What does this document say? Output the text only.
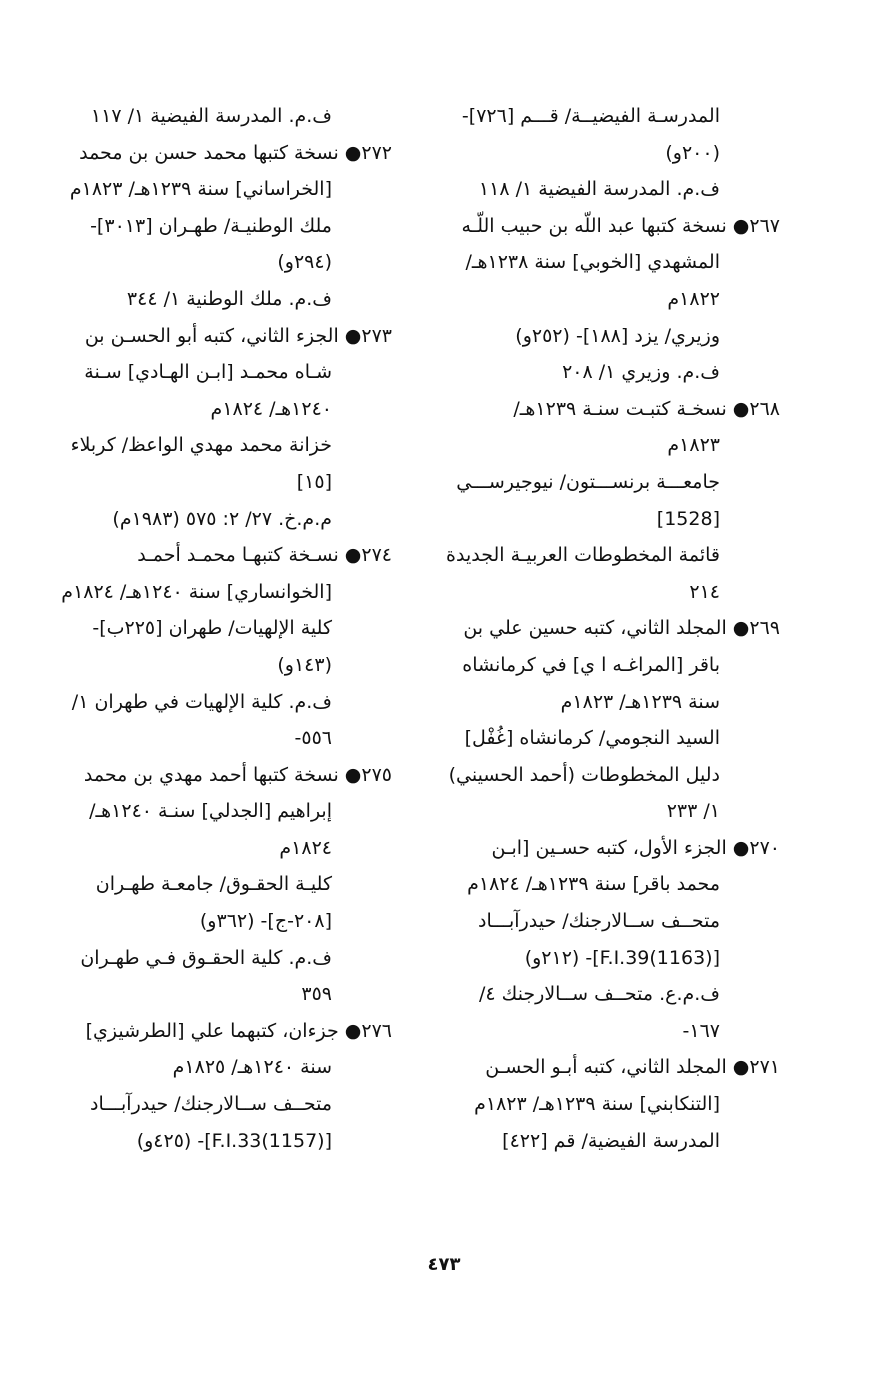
المدرسـة الفيضيــة/ قـــم [٧٢٦]-
(٢٠٠و)
ف.م. المدرسة الفيضية ١/ ١١٨
٢٦٧● نسخة كتبها عبد اللّه بن حبيب اللّـه
المشهدي [الخوبي] سنة ١٢٣٨هـ/
١٨٢٢م
وزيري/ يزد [١٨٨]- (٢٥٢و)
ف.م. وزيري ١/ ٢٠٨
٢٦٨● نسخـة كتبـت سنـة ١٢٣٩هـ/
١٨٢٣م
جامعـــة برنســـتون/ نيوجيرســـي
[1528]
قائمة المخطوطات العربيـة الجديدة
٢١٤
٢٦٩● المجلد الثاني، كتبه حسين علي بن
باقر [المراغـه ا ي] في كرمانشاه
سنة ١٢٣٩هـ/ ١٨٢٣م
السيد النجومي/ كرمانشاه [غُفْل]
دليل المخطوطات (أحمد الحسيني)
١/ ٢٣٣
٢٧٠● الجزء الأول، كتبه حسـين [ابـن
محمد باقر] سنة ١٢٣٩هـ/ ١٨٢٤م
متحــف ســالارجنك/ حيدرآبـــاد
[F.I.39(1163)]- (٢١٢و)
ف.م.ع. متحــف ســالارجنك ٤/
١٦٧-
٢٧١● المجلد الثاني، كتبه أبـو الحسـن
[التنكابني] سنة ١٢٣٩هـ/ ١٨٢٣م
المدرسة الفيضية/ قم [٤٢٢]
ف.م. المدرسة الفيضية ١/ ١١٧
٢٧٢● نسخة كتبها محمد حسن بن محمد
[الخراساني] سنة ١٢٣٩هـ/ ١٨٢٣م
ملك الوطنيـة/ طهـران [٣٠١٣]-
(٢٩٤و)
ف.م. ملك الوطنية ١/ ٣٤٤
٢٧٣● الجزء الثاني، كتبه أبو الحسـن بن
شـاه محمـد [ابـن الهـادي] سـنة
١٢٤٠هـ/ ١٨٢٤م
خزانة محمد مهدي الواعظ/ كربلاء
[١٥]
م.م.خ. ٢٧/ ٢: ٥٧٥ (١٩٨٣م)
٢٧٤● نسـخة كتبهـا محمـد أحمـد
[الخوانساري] سنة ١٢٤٠هـ/ ١٨٢٤م
كلية الإلهيات/ طهران [٢٢٥ب]-
(١٤٣و)
ف.م. كلية الإلهيات في طهران ١/
٥٥٦-
٢٧٥● نسخة كتبها أحمد مهدي بن محمد
إبراهيم [الجدلي] سنـة ١٢٤٠هـ/
١٨٢٤م
كليـة الحقـوق/ جامعـة طهـران
[٢٠٨-ج]- (٣٦٢و)
ف.م. كلية الحقـوق فـي طهـران
٣٥٩
٢٧٦● جزءان، كتبهما علي [الطرشيزي]
سنة ١٢٤٠هـ/ ١٨٢٥م
متحــف ســالارجنك/ حيدرآبـــاد
[F.I.33(1157)]- (٤٢٥و)
٤٧٣
